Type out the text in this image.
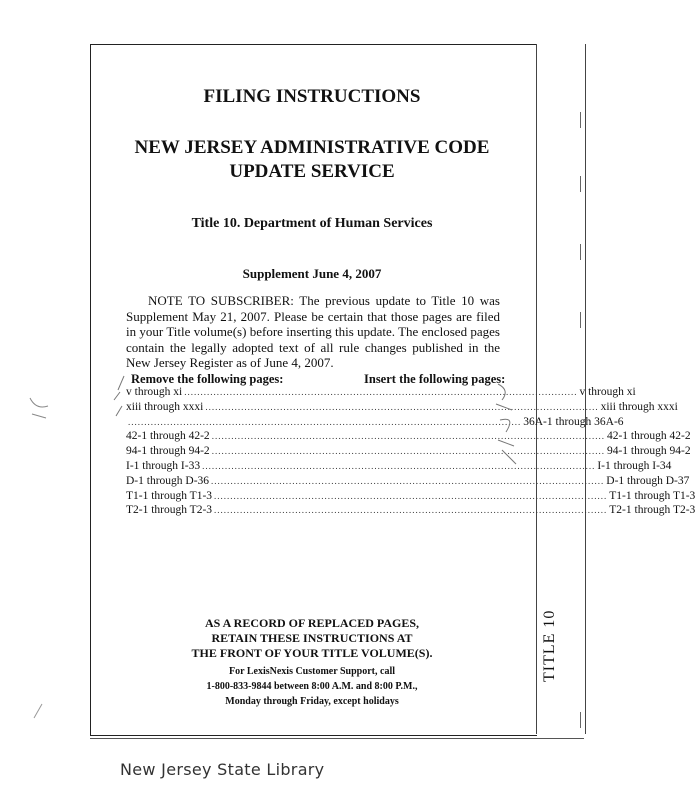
TITLE 10
FILING INSTRUCTIONS
NEW JERSEY ADMINISTRATIVE CODE
UPDATE SERVICE
Title 10. Department of Human Services
Supplement June 4, 2007
NOTE TO SUBSCRIBER: The previous update to Title 10 was Supplement May 21, 2007. Please be certain that those pages are filed in your Title volume(s) before inserting this update. The enclosed pages contain the legally adopted text of all rule changes published in the New Jersey Register as of June 4, 2007.
Remove the following pages:	Insert the following pages:
v through xi ......................................................................................................................... v through xi
xiii through xxxi ......................................................................................................................... xiii through xxxi
......................................................................................................................... 36A-1 through 36A-6
42-1 through 42-2 ......................................................................................................................... 42-1 through 42-2
94-1 through 94-2 ......................................................................................................................... 94-1 through 94-2
I-1 through I-33 ......................................................................................................................... I-1 through I-34
D-1 through D-36 ......................................................................................................................... D-1 through D-37
T1-1 through T1-3 ......................................................................................................................... T1-1 through T1-3
T2-1 through T2-3 ......................................................................................................................... T2-1 through T2-3
AS A RECORD OF REPLACED PAGES,
RETAIN THESE INSTRUCTIONS AT
THE FRONT OF YOUR TITLE VOLUME(S).
For LexisNexis Customer Support, call
1-800-833-9844 between 8:00 A.M. and 8:00 P.M.,
Monday through Friday, except holidays
New Jersey State Library
